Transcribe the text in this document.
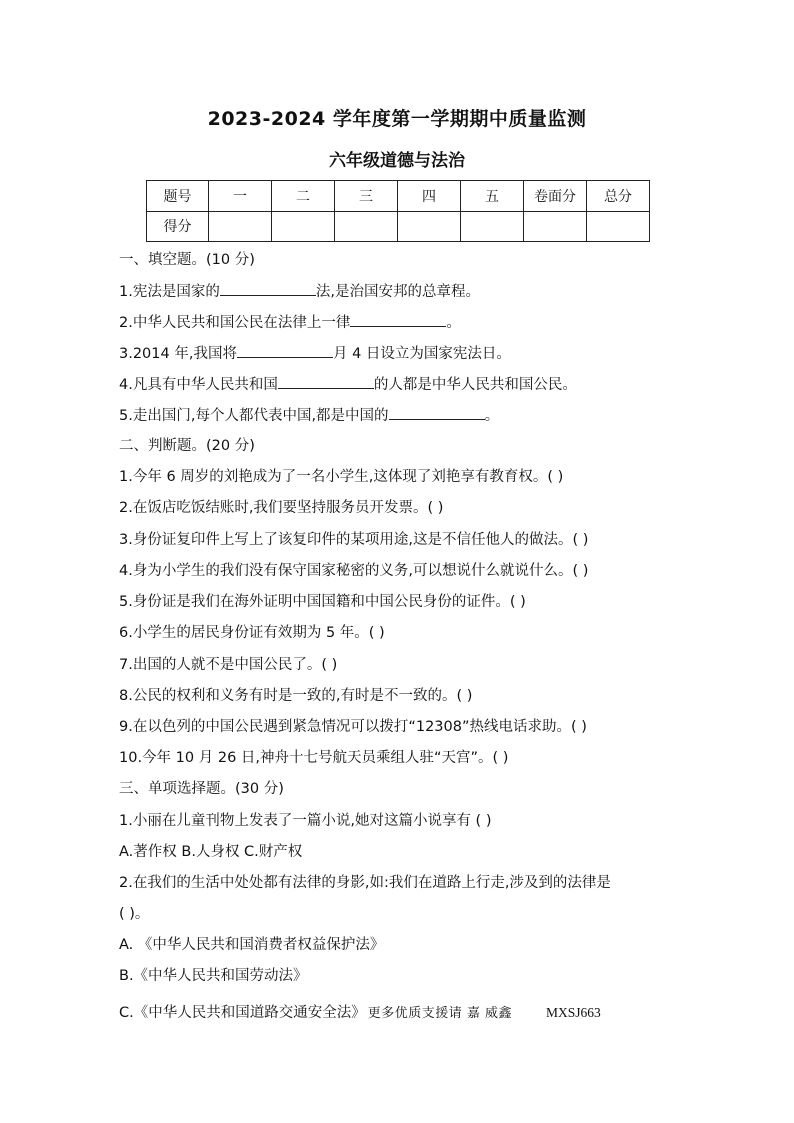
2023-2024 学年度第一学期期中质量监测
六年级道德与法治
题号	一	二	三	四	五	卷面分	总分
得分							
一、填空题。(10 分)
1.宪法是国家的	法,是治国安邦的总章程。
2.中华人民共和国公民在法律上一律	。
3.2014 年,我国将	月 4 日设立为国家宪法日。
4.凡具有中华人民共和国	的人都是中华人民共和国公民。
5.走出国门,每个人都代表中国,都是中国的	。
二、判断题。(20 分)
1.今年 6 周岁的刘艳成为了一名小学生,这体现了刘艳享有教育权。( )
2.在饭店吃饭结账时,我们要坚持服务员开发票。( )
3.身份证复印件上写上了该复印件的某项用途,这是不信任他人的做法。( )
4.身为小学生的我们没有保守国家秘密的义务,可以想说什么就说什么。( )
5.身份证是我们在海外证明中国国籍和中国公民身份的证件。( )
6.小学生的居民身份证有效期为 5 年。( )
7.出国的人就不是中国公民了。( )
8.公民的权利和义务有时是一致的,有时是不一致的。( )
9.在以色列的中国公民遇到紧急情况可以拨打“12308”热线电话求助。( )
10.今年 10 月 26 日,神舟十七号航天员乘组人驻“天宫”。( )
三、单项选择题。(30 分)
1.小丽在儿童刊物上发表了一篇小说,她对这篇小说享有 ( )
A.著作权 B.人身权 C.财产权
2.在我们的生活中处处都有法律的身影,如:我们在道路上行走,涉及到的法律是
( )。
A. 《中华人民共和国消费者权益保护法》
B.《中华人民共和国劳动法》
C.《中华人民共和国道路交通安全法》 更多优质支援请 嘉 威鑫	MXSJ663
